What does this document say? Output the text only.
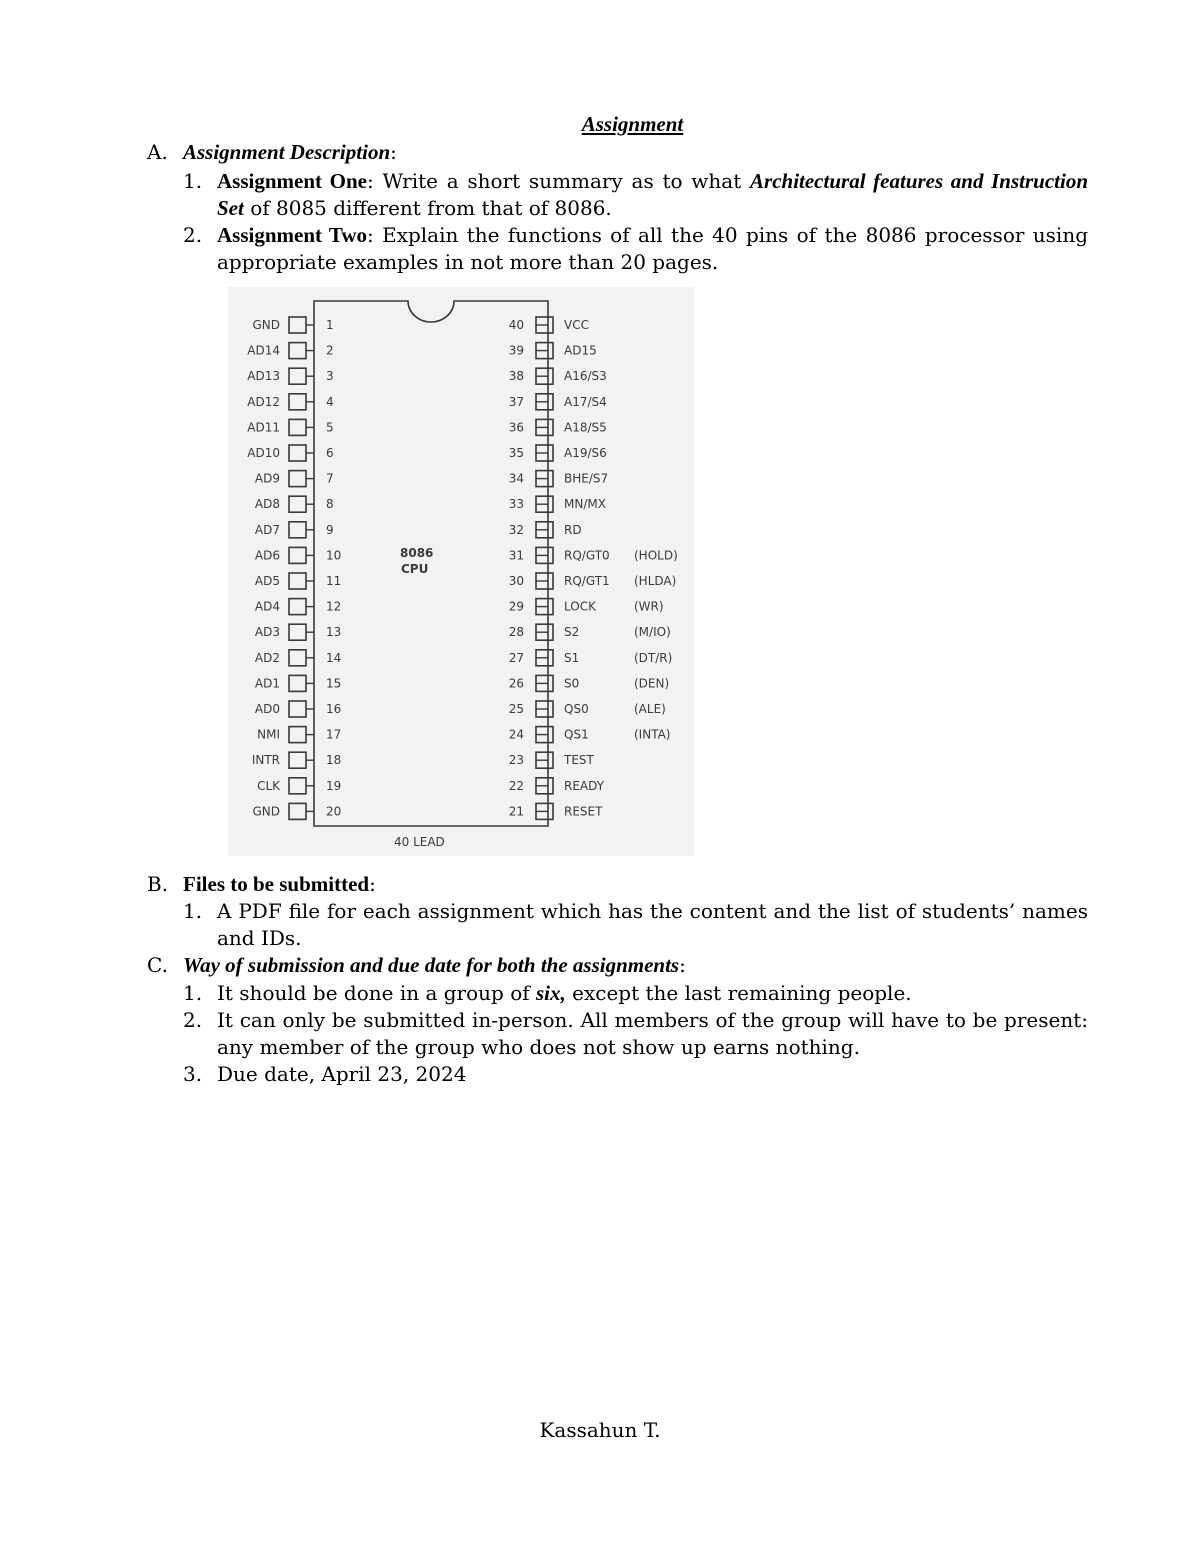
Assignment
A. Assignment Description:
1. Assignment One: Write a short summary as to what Architectural features and Instruction Set of 8085 different from that of 8086.
2. Assignment Two: Explain the functions of all the 40 pins of the 8086 processor using appropriate examples in not more than 20 pages.
GND	1
AD14	2
AD13	3
AD12	4
AD11	5
AD10	6
AD9	7
AD8	8
AD7	9
AD6	10
AD5	11
AD4	12
AD3	13
AD2	14
AD1	15
AD0	16
NMI	17
INTR	18
CLK	19
GND	20
40	VCC
39	AD15
38	A16/S3
37	A17/S4
36	A18/S5
35	A19/S6
34	BHE/S7
33	MN/MX
32	RD
31	RQ/GT0 (HOLD)
30	RQ/GT1 (HLDA)
29	LOCK	(WR)
28	S2	(M/IO)
27	S1	(DT/R)
26	S0	(DEN)
25	QS0	(ALE)
24	QS1	(INTA)
23	TEST
22	READY
21	RESET
8086
CPU
40 LEAD
B. Files to be submitted:
1. A PDF file for each assignment which has the content and the list of students’ names and IDs.
C. Way of submission and due date for both the assignments:
1. It should be done in a group of six, except the last remaining people.
2. It can only be submitted in-person. All members of the group will have to be present: any member of the group who does not show up earns nothing.
3. Due date, April 23, 2024
Kassahun T.
